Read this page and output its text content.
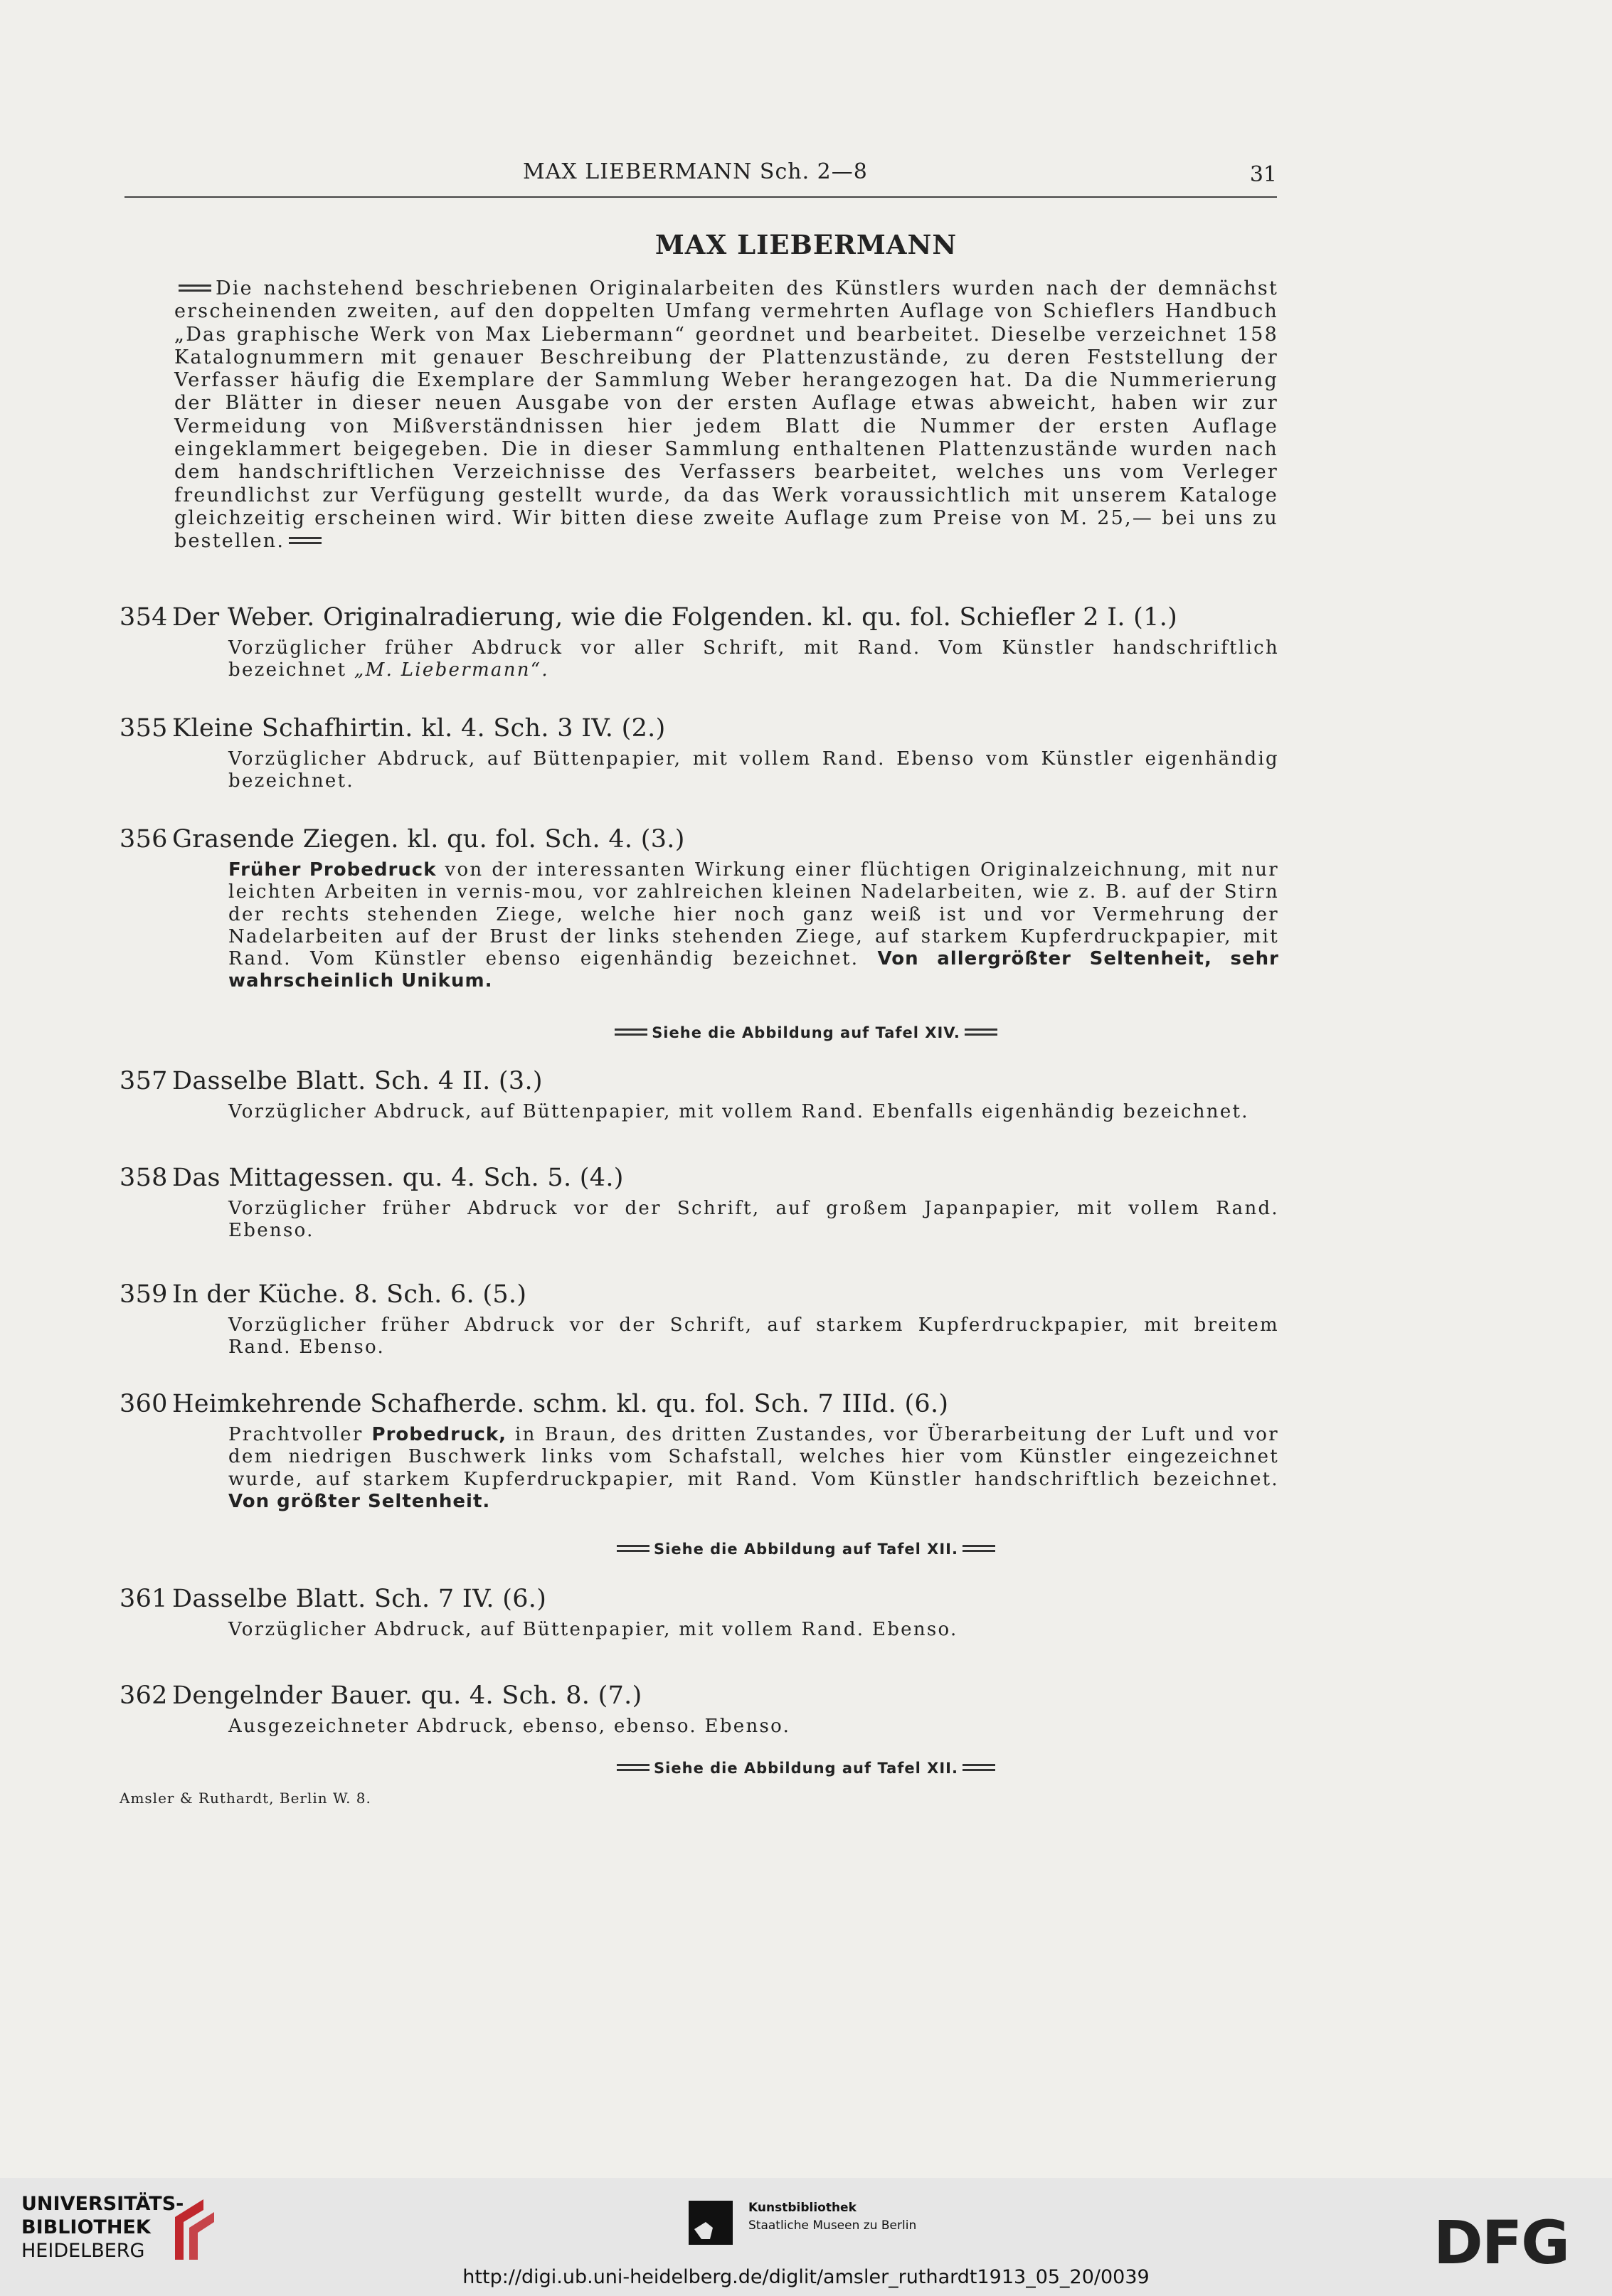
MAX LIEBERMANN Sch. 2—8	31
MAX LIEBERMANN
Die nachstehend beschriebenen Originalarbeiten des Künstlers wurden nach der demnächst erscheinenden zweiten, auf den doppelten Umfang vermehrten Auflage von Schieflers Handbuch „Das graphische Werk von Max Liebermann“ geordnet und bearbeitet. Dieselbe verzeichnet 158 Katalognummern mit genauer Beschreibung der Plattenzustände, zu deren Feststellung der Verfasser häufig die Exemplare der Sammlung Weber herangezogen hat. Da die Nummerierung der Blätter in dieser neuen Ausgabe von der ersten Auflage etwas abweicht, haben wir zur Vermeidung von Mißverständnissen hier jedem Blatt die Nummer der ersten Auflage eingeklammert beigegeben. Die in dieser Sammlung enthaltenen Plattenzustände wurden nach dem handschriftlichen Verzeichnisse des Verfassers bearbeitet, welches uns vom Verleger freundlichst zur Verfügung gestellt wurde, da das Werk voraussichtlich mit unserem Kataloge gleichzeitig erscheinen wird. Wir bitten diese zweite Auflage zum Preise von M. 25,— bei uns zu bestellen.
354 Der Weber. Originalradierung, wie die Folgenden. kl. qu. fol. Schiefler 2 I. (1.)
Vorzüglicher früher Abdruck vor aller Schrift, mit Rand. Vom Künstler handschriftlich bezeichnet „M. Liebermann“.
355 Kleine Schafhirtin. kl. 4. Sch. 3 IV. (2.)
Vorzüglicher Abdruck, auf Büttenpapier, mit vollem Rand. Ebenso vom Künstler eigenhändig bezeichnet.
356 Grasende Ziegen. kl. qu. fol. Sch. 4. (3.)
Früher Probedruck von der interessanten Wirkung einer flüchtigen Originalzeichnung, mit nur leichten Arbeiten in vernis-mou, vor zahlreichen kleinen Nadelarbeiten, wie z. B. auf der Stirn der rechts stehenden Ziege, welche hier noch ganz weiß ist und vor Vermehrung der Nadelarbeiten auf der Brust der links stehenden Ziege, auf starkem Kupferdruckpapier, mit Rand. Vom Künstler ebenso eigenhändig bezeichnet. Von allergrößter Seltenheit, sehr wahrscheinlich Unikum.
Siehe die Abbildung auf Tafel XIV.
357 Dasselbe Blatt. Sch. 4 II. (3.)
Vorzüglicher Abdruck, auf Büttenpapier, mit vollem Rand. Ebenfalls eigenhändig bezeichnet.
358 Das Mittagessen. qu. 4. Sch. 5. (4.)
Vorzüglicher früher Abdruck vor der Schrift, auf großem Japanpapier, mit vollem Rand. Ebenso.
359 In der Küche. 8. Sch. 6. (5.)
Vorzüglicher früher Abdruck vor der Schrift, auf starkem Kupferdruckpapier, mit breitem Rand. Ebenso.
360 Heimkehrende Schafherde. schm. kl. qu. fol. Sch. 7 IIId. (6.)
Prachtvoller Probedruck, in Braun, des dritten Zustandes, vor Überarbeitung der Luft und vor dem niedrigen Buschwerk links vom Schafstall, welches hier vom Künstler eingezeichnet wurde, auf starkem Kupferdruckpapier, mit Rand. Vom Künstler handschriftlich bezeichnet. Von größter Seltenheit.
Siehe die Abbildung auf Tafel XII.
361 Dasselbe Blatt. Sch. 7 IV. (6.)
Vorzüglicher Abdruck, auf Büttenpapier, mit vollem Rand. Ebenso.
362 Dengelnder Bauer. qu. 4. Sch. 8. (7.)
Ausgezeichneter Abdruck, ebenso, ebenso. Ebenso.
Siehe die Abbildung auf Tafel XII.
Amsler & Ruthardt, Berlin W. 8.
UNIVERSITÄTS-
BIBLIOTHEK
HEIDELBERG
Kunstbibliothek
Staatliche Museen zu Berlin	DFG
http://digi.ub.uni-heidelberg.de/diglit/amsler_ruthardt1913_05_20/0039
